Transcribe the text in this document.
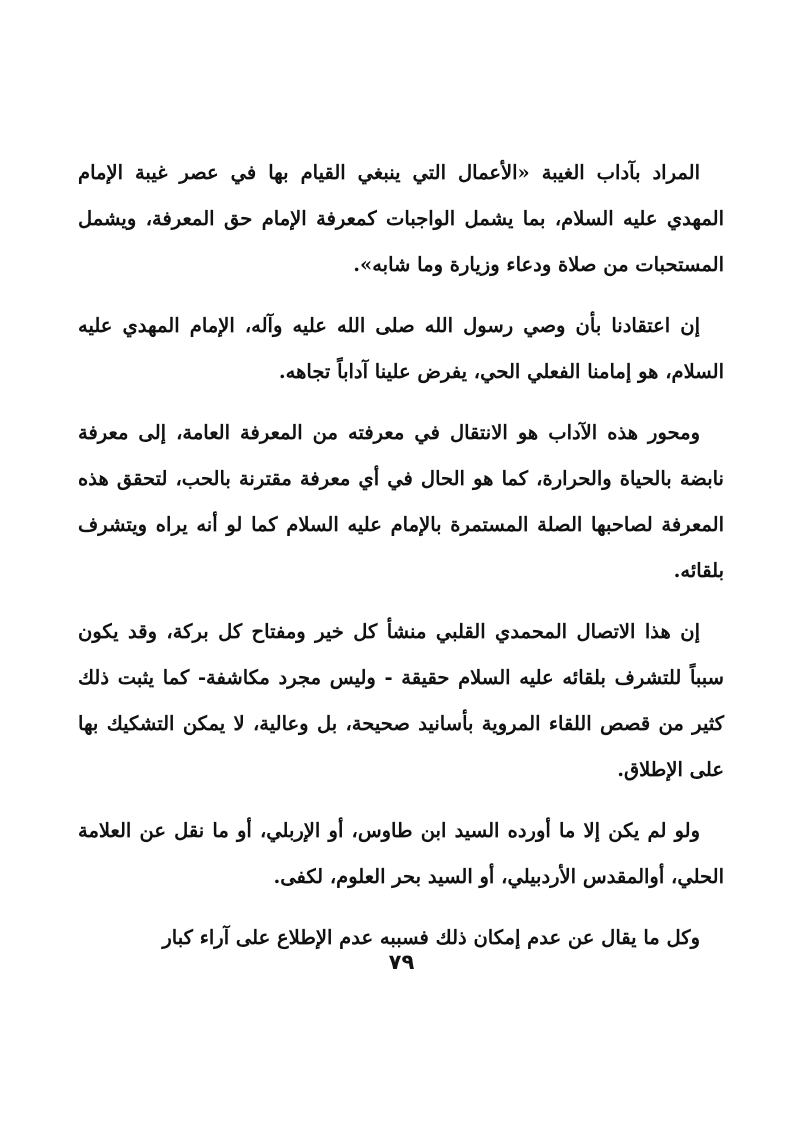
المراد بآداب الغيبة «الأعمال التي ينبغي القيام بها في عصر غيبة الإمام المهدي عليه السلام، بما يشمل الواجبات كمعرفة الإمام حق المعرفة، ويشمل المستحبات من صلاة ودعاء وزيارة وما شابه».

إن اعتقادنا بأن وصي رسول الله صلى الله عليه وآله، الإمام المهدي عليه السلام، هو إمامنا الفعلي الحي، يفرض علينا آداباً تجاهه.

ومحور هذه الآداب هو الانتقال في معرفته من المعرفة العامة، إلى معرفة نابضة بالحياة والحرارة، كما هو الحال في أي معرفة مقترنة بالحب، لتحقق هذه المعرفة لصاحبها الصلة المستمرة بالإمام عليه السلام كما لو أنه يراه ويتشرف بلقائه.

إن هذا الاتصال المحمدي القلبي منشأ كل خير ومفتاح كل بركة، وقد يكون سبباً للتشرف بلقائه عليه السلام حقيقة - وليس مجرد مكاشفة- كما يثبت ذلك كثير من قصص اللقاء المروية بأسانيد صحيحة، بل وعالية، لا يمكن التشكيك بها على الإطلاق.

ولو لم يكن إلا ما أورده السيد ابن طاوس، أو الإربلي، أو ما نقل عن العلامة الحلي، أوالمقدس الأردبيلي، أو السيد بحر العلوم، لكفى.

وكل ما يقال عن عدم إمكان ذلك فسببه عدم الإطلاع على آراء كبار

٧٩
